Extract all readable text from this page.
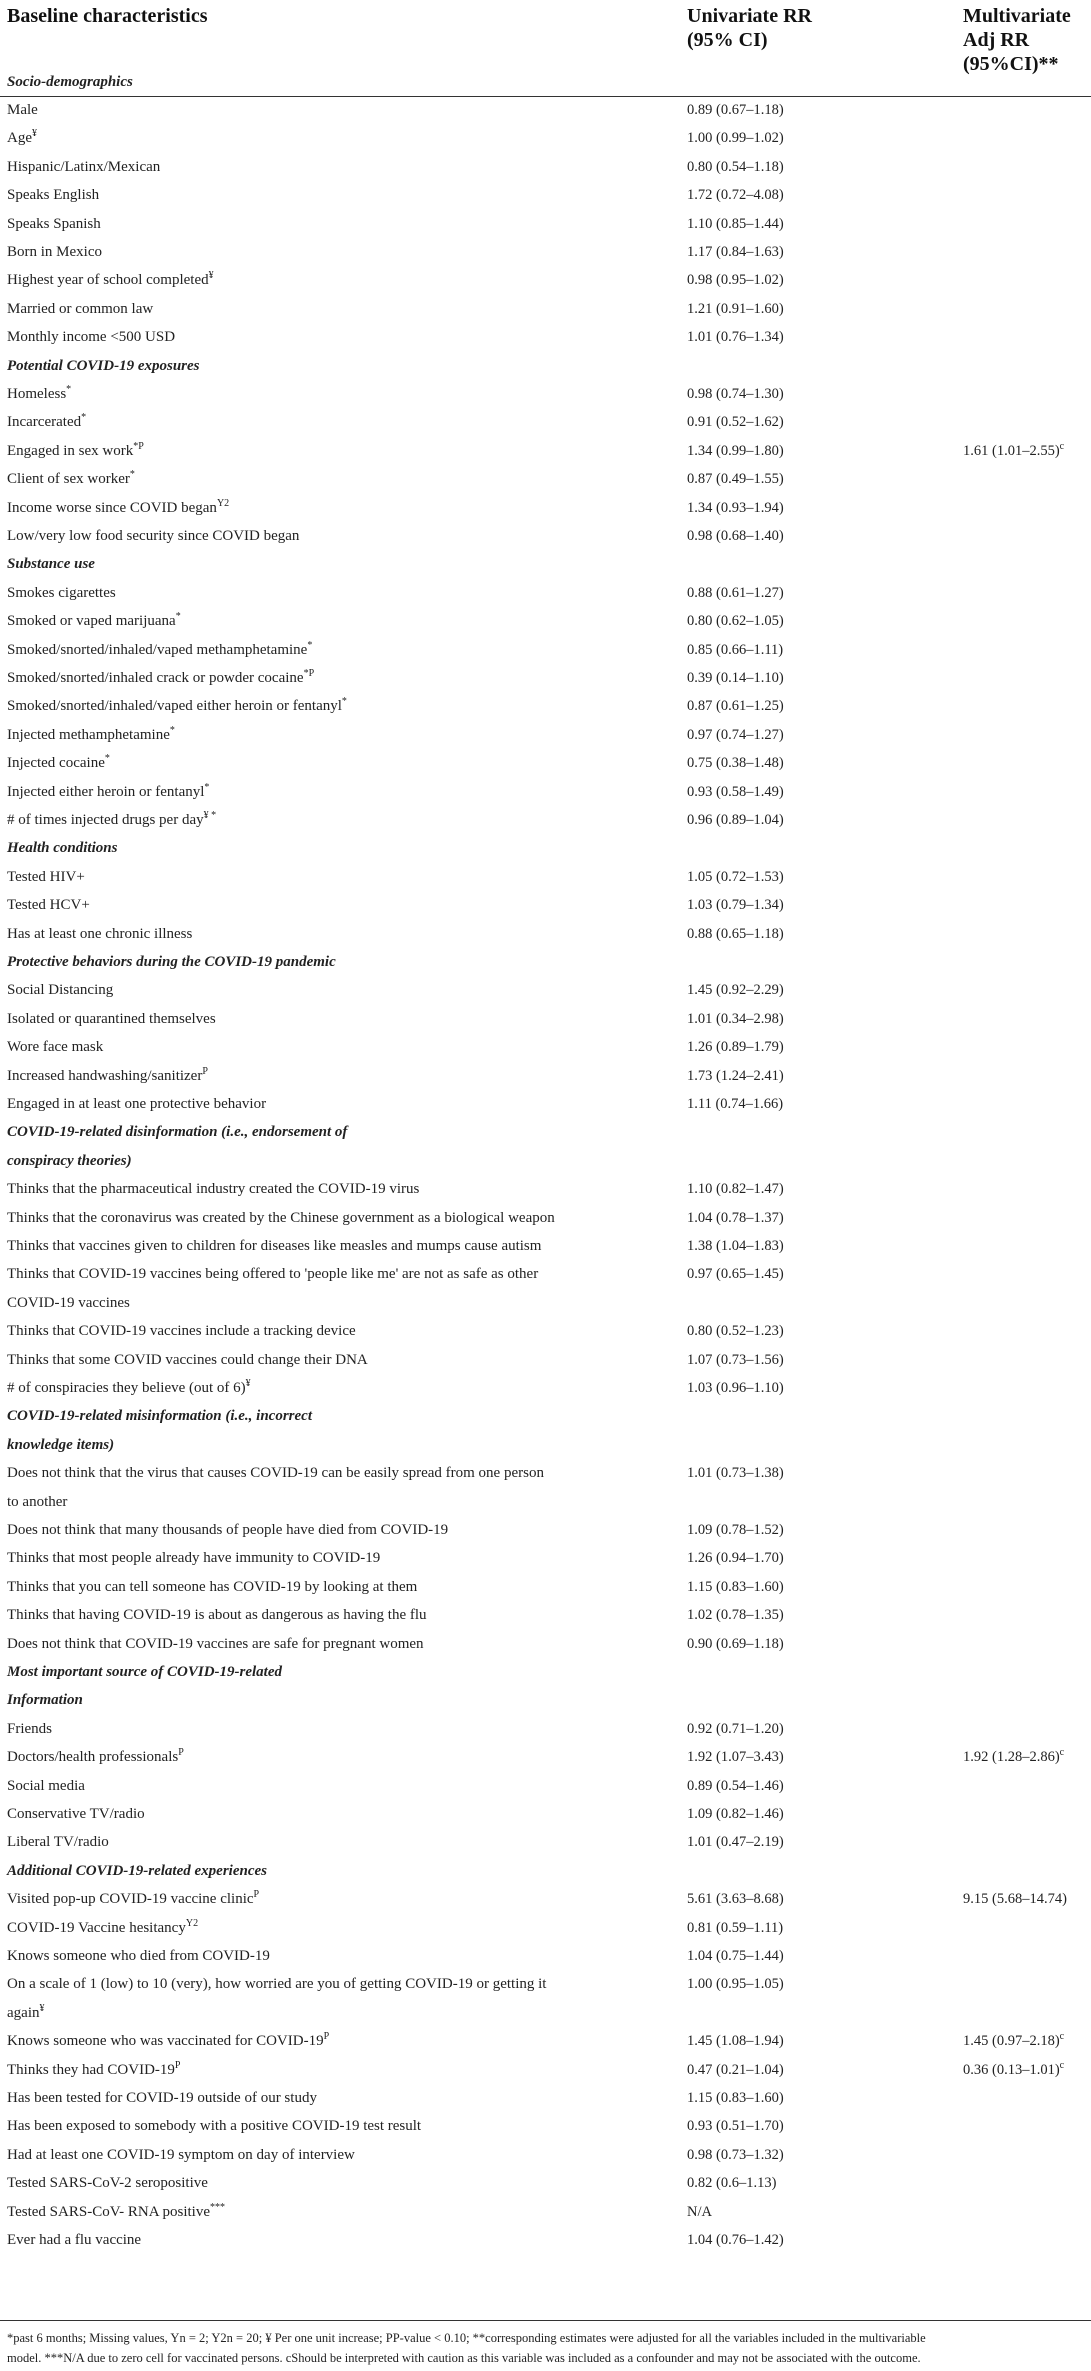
Baseline characteristics	Univariate RR
(95% CI)
Multivariate
Adj RR
(95%CI)**
Socio-demographics
Male	0.89 (0.67–1.18)
Age¥	1.00 (0.99–1.02)
Hispanic/Latinx/Mexican	0.80 (0.54–1.18)
Speaks English	1.72 (0.72–4.08)
Speaks Spanish	1.10 (0.85–1.44)
Born in Mexico	1.17 (0.84–1.63)
Highest year of school completed¥	0.98 (0.95–1.02)
Married or common law	1.21 (0.91–1.60)
Monthly income <500 USD	1.01 (0.76–1.34)
Potential COVID-19 exposures
Homeless*	0.98 (0.74–1.30)
Incarcerated*	0.91 (0.52–1.62)
Engaged in sex work$^{*P}$	1.34 (0.99–1.80)	1.61 $(1.01-2.55)^c$
Client of sex worker*	0.87 (0.49–1.55)
Income worse since COVID began$^{Y2}$	1.34 (0.93–1.94)
Low/very low food security since COVID began	0.98 (0.68–1.40)
Substance use
Smokes cigarettes	0.88 (0.61–1.27)
Smoked or vaped marijuana*	0.80 (0.62–1.05)
Smoked/snorted/inhaled/vaped methamphetamine*	0.85 (0.66–1.11)
Smoked/snorted/inhaled crack or powder cocaine$^{*P}$	0.39 (0.14–1.10)
Smoked/snorted/inhaled/vaped either heroin or fentanyl*	0.87 (0.61–1.25)
Injected methamphetamine*	0.97 (0.74–1.27)
Injected cocaine*	0.75 (0.38–1.48)
Injected either heroin or fentanyl*	0.93 (0.58–1.49)
# of times injected drugs per day¥ *	0.96 (0.89–1.04)
Health conditions
Tested HIV+	1.05 (0.72–1.53)
Tested HCV+	1.03 (0.79–1.34)
Has at least one chronic illness	0.88 (0.65–1.18)
Protective behaviors during the COVID-19 pandemic
Social Distancing	1.45 (0.92–2.29)
Isolated or quarantined themselves	1.01 (0.34–2.98)
Wore face mask	1.26 (0.89–1.79)
Increased handwashing/sanitizer$^P$	1.73 (1.24–2.41)
Engaged in at least one protective behavior	1.11 (0.74–1.66)
COVID-19-related disinformation (i.e., endorsement of
conspiracy theories)
Thinks that the pharmaceutical industry created the COVID-19 virus	1.10 (0.82–1.47)
Thinks that the coronavirus was created by the Chinese government as a biological weapon	1.04 (0.78–1.37)
Thinks that vaccines given to children for diseases like measles and mumps cause autism	1.38 (1.04–1.83)
Thinks that COVID-19 vaccines being offered to 'people like me' are not as safe as other	0.97 (0.65–1.45)
COVID-19 vaccines
Thinks that COVID-19 vaccines include a tracking device	0.80 (0.52–1.23)
Thinks that some COVID vaccines could change their DNA	1.07 (0.73–1.56)
# of conspiracies they believe (out of 6)¥	1.03 (0.96–1.10)
COVID-19-related misinformation (i.e., incorrect
knowledge items)
Does not think that the virus that causes COVID-19 can be easily spread from one person	1.01 (0.73–1.38)
to another
Does not think that many thousands of people have died from COVID-19	1.09 (0.78–1.52)
Thinks that most people already have immunity to COVID-19	1.26 (0.94–1.70)
Thinks that you can tell someone has COVID-19 by looking at them	1.15 (0.83–1.60)
Thinks that having COVID-19 is about as dangerous as having the flu	1.02 (0.78–1.35)
Does not think that COVID-19 vaccines are safe for pregnant women	0.90 (0.69–1.18)
Most important source of COVID-19-related
Information
Friends	0.92 (0.71–1.20)
Doctors/health professionals$^P$	1.92 (1.07–3.43)	1.92 $(1.28-2.86)^c$
Social media	0.89 (0.54–1.46)
Conservative TV/radio	1.09 (0.82–1.46)
Liberal TV/radio	1.01 (0.47–2.19)
Additional COVID-19-related experiences
Visited pop-up COVID-19 vaccine clinic$^P$	5.61 (3.63–8.68)	9.15 (5.68–14.74)
COVID-19 Vaccine hesitancy$^{Y2}$	0.81 (0.59–1.11)
Knows someone who died from COVID-19	1.04 (0.75–1.44)
On a scale of 1 (low) to 10 (very), how worried are you of getting COVID-19 or getting it	1.00 (0.95–1.05)
again¥
Knows someone who was vaccinated for COVID-$19^P$	1.45 (1.08–1.94)	1.45 $(0.97-2.18)^c$
Thinks they had COVID-$19^P$	0.47 (0.21–1.04)	0.36 $(0.13-1.01)^c$
Has been tested for COVID-19 outside of our study	1.15 (0.83–1.60)
Has been exposed to somebody with a positive COVID-19 test result	0.93 (0.51–1.70)
Had at least one COVID-19 symptom on day of interview	0.98 (0.73–1.32)
Tested SARS-CoV-2 seropositive	0.82 (0.6–1.13)
Tested SARS-CoV- RNA positive***	N/A
Ever had a flu vaccine	1.04 (0.76–1.42)
*past 6 months; Missing values, Yn = 2; Y2n = 20; ¥ Per one unit increase; PP-value < 0.10; **corresponding estimates were adjusted for all the variables included in the multivariable
model. ***N/A due to zero cell for vaccinated persons. cShould be interpreted with caution as this variable was included as a confounder and may not be associated with the outcome.
